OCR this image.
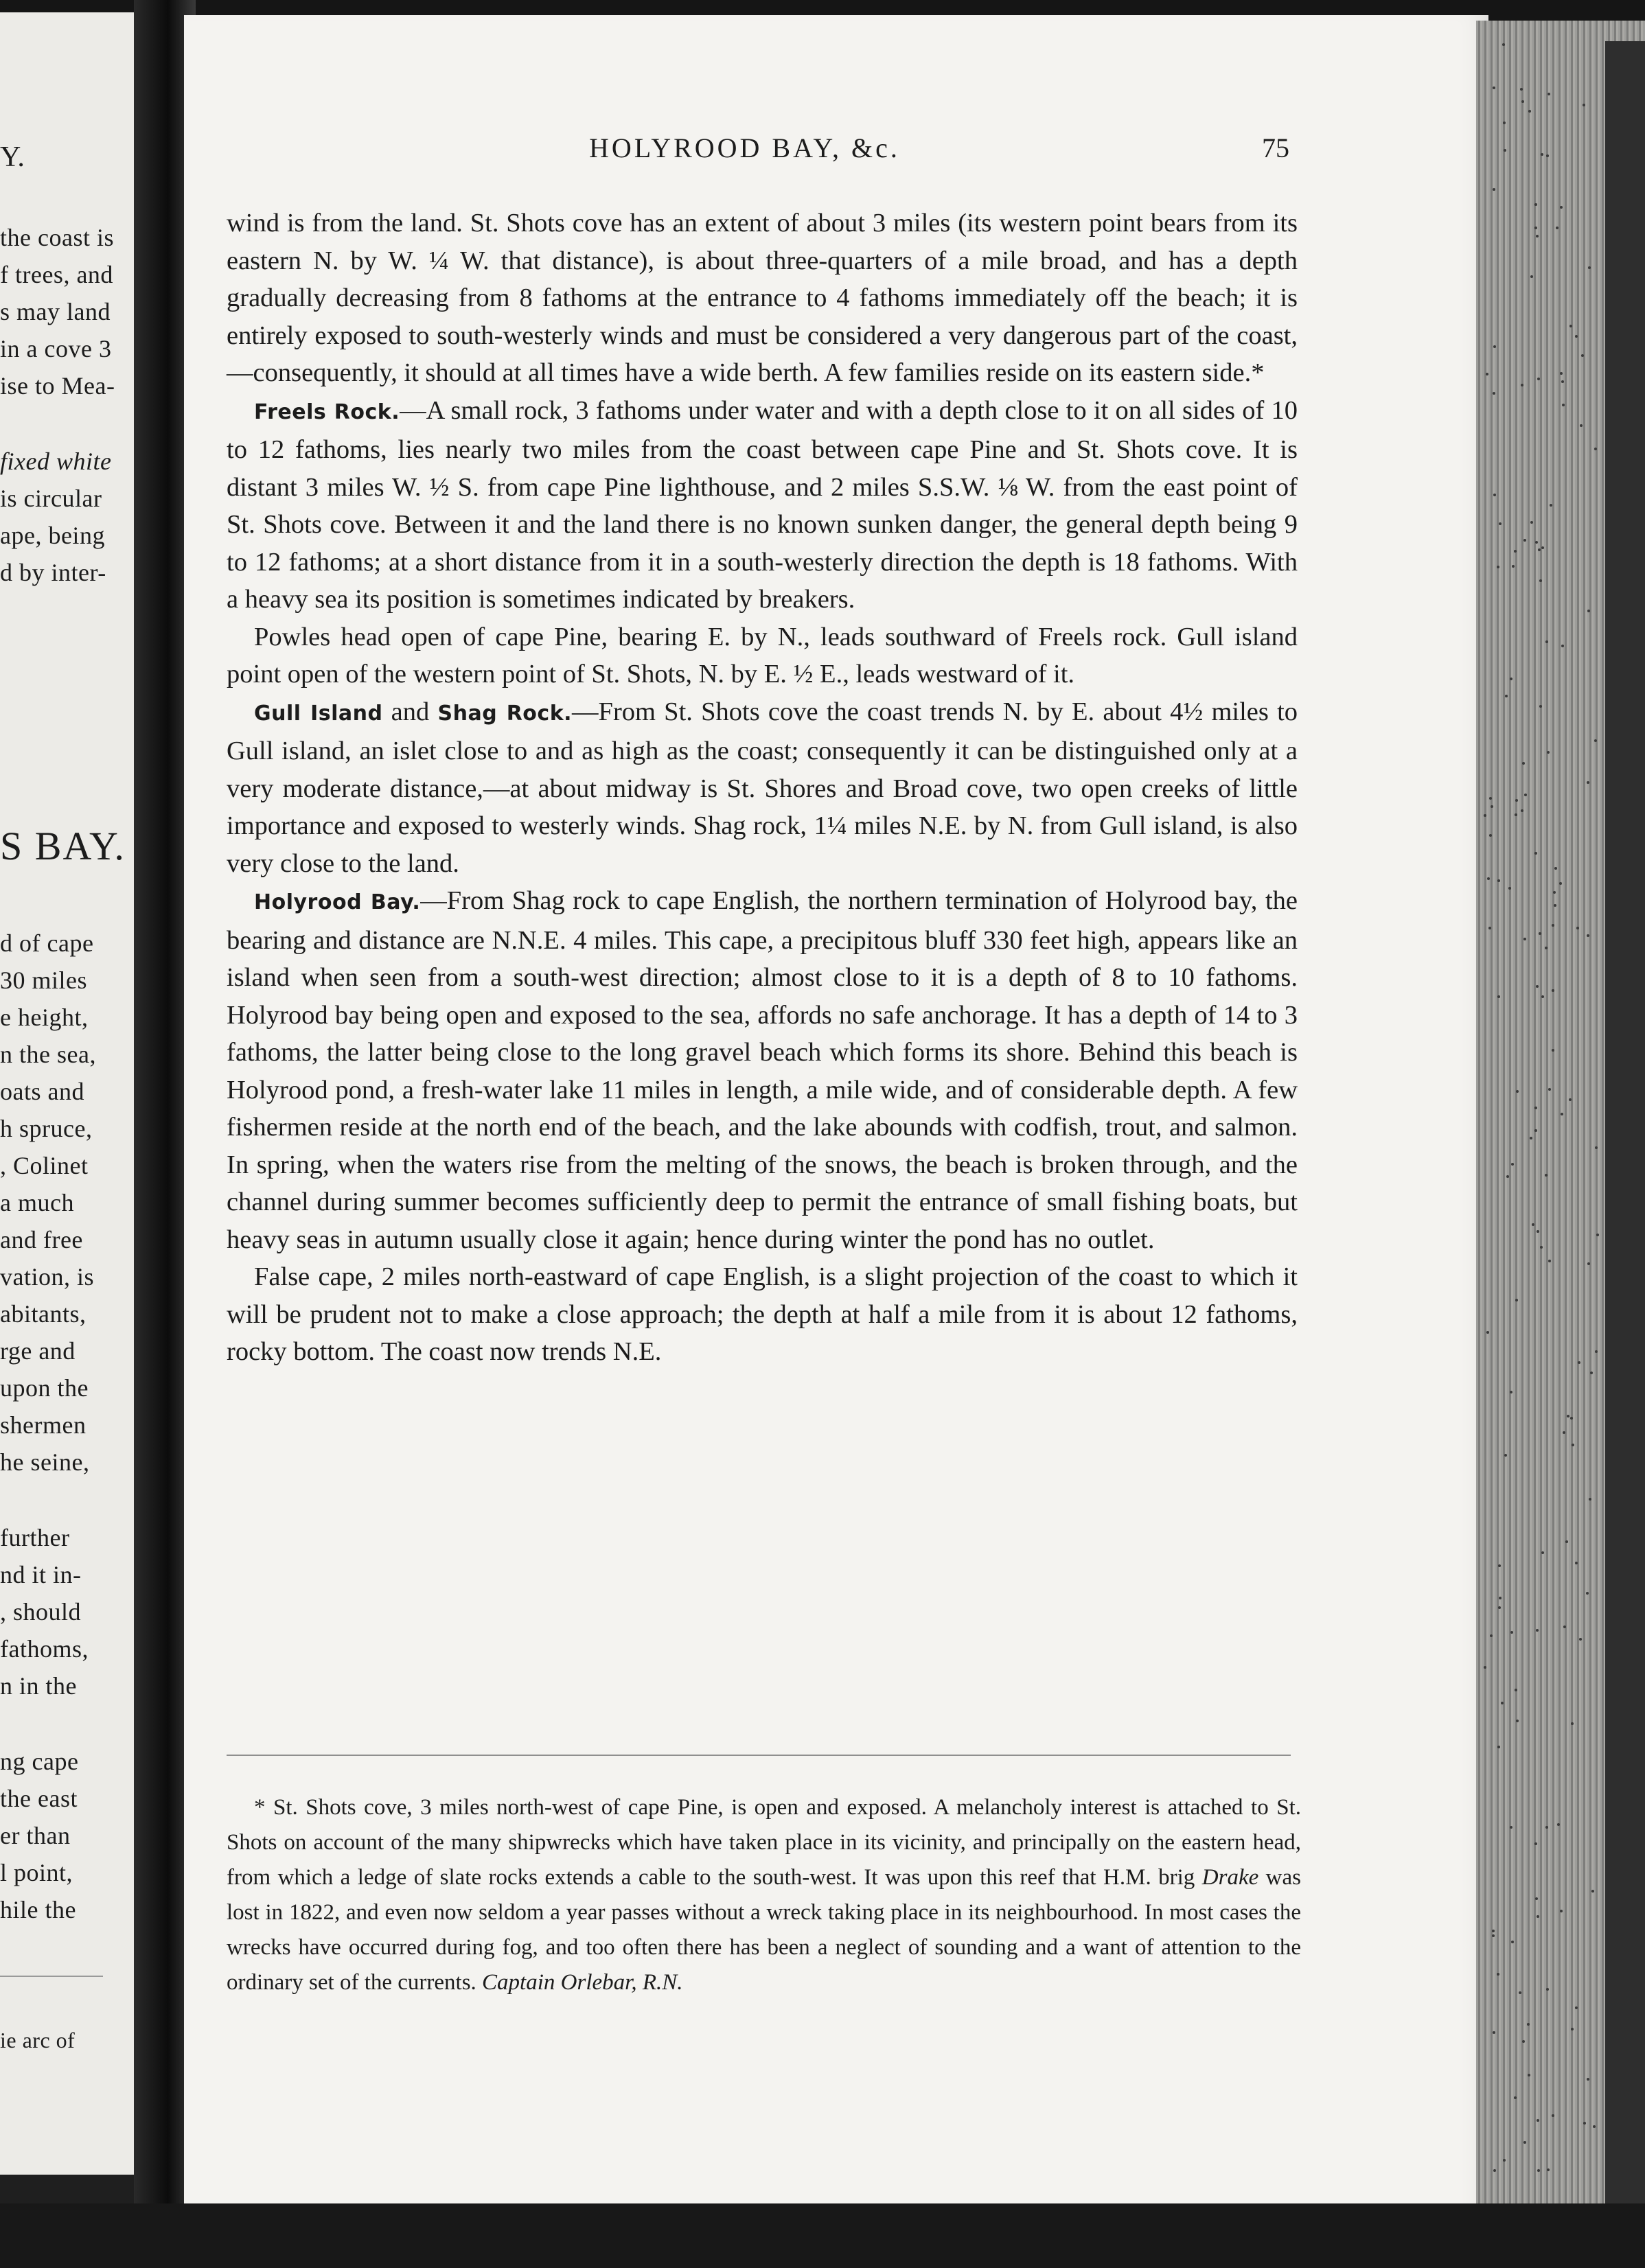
Y.
the coast is
f trees, and
s may land
in a cove 3
ise to Mea-
fixed white
is circular
ape, being
d by inter-
S BAY.
d of cape
30 miles
e height,
n the sea,
oats and
h spruce,
, Colinet
a much
and free
vation, is
abitants,
rge and
upon the
shermen
he seine,
further
nd it in-
, should
fathoms,
n in the
ng cape
the east
er than
l point,
hile the
ie arc of
HOLYROOD BAY, &c.	75

wind is from the land. St. Shots cove has an extent of about 3 miles (its western point bears from its eastern N. by W. ¼ W. that distance), is about three-quarters of a mile broad, and has a depth gradually decreasing from 8 fathoms at the entrance to 4 fathoms immediately off the beach; it is entirely exposed to south-westerly winds and must be considered a very dangerous part of the coast, —consequently, it should at all times have a wide berth. A few families reside on its eastern side.*

Freels Rock.—A small rock, 3 fathoms under water and with a depth close to it on all sides of 10 to 12 fathoms, lies nearly two miles from the coast between cape Pine and St. Shots cove. It is distant 3 miles W. ½ S. from cape Pine lighthouse, and 2 miles S.S.W. ⅛ W. from the east point of St. Shots cove. Between it and the land there is no known sunken danger, the general depth being 9 to 12 fathoms; at a short distance from it in a south-westerly direction the depth is 18 fathoms. With a heavy sea its position is sometimes indicated by breakers.

Powles head open of cape Pine, bearing E. by N., leads southward of Freels rock. Gull island point open of the western point of St. Shots, N. by E. ½ E., leads westward of it.

Gull Island and Shag Rock.—From St. Shots cove the coast trends N. by E. about 4½ miles to Gull island, an islet close to and as high as the coast; consequently it can be distinguished only at a very moderate distance,—at about midway is St. Shores and Broad cove, two open creeks of little importance and exposed to westerly winds. Shag rock, 1¼ miles N.E. by N. from Gull island, is also very close to the land.

Holyrood Bay.—From Shag rock to cape English, the northern termination of Holyrood bay, the bearing and distance are N.N.E. 4 miles. This cape, a precipitous bluff 330 feet high, appears like an island when seen from a south-west direction; almost close to it is a depth of 8 to 10 fathoms. Holyrood bay being open and exposed to the sea, affords no safe anchorage. It has a depth of 14 to 3 fathoms, the latter being close to the long gravel beach which forms its shore. Behind this beach is Holyrood pond, a fresh-water lake 11 miles in length, a mile wide, and of considerable depth. A few fishermen reside at the north end of the beach, and the lake abounds with codfish, trout, and salmon. In spring, when the waters rise from the melting of the snows, the beach is broken through, and the channel during summer becomes sufficiently deep to permit the entrance of small fishing boats, but heavy seas in autumn usually close it again; hence during winter the pond has no outlet.

False cape, 2 miles north-eastward of cape English, is a slight projection of the coast to which it will be prudent not to make a close approach; the depth at half a mile from it is about 12 fathoms, rocky bottom. The coast now trends N.E.

* St. Shots cove, 3 miles north-west of cape Pine, is open and exposed. A melancholy interest is attached to St. Shots on account of the many shipwrecks which have taken place in its vicinity, and principally on the eastern head, from which a ledge of slate rocks extends a cable to the south-west. It was upon this reef that H.M. brig Drake was lost in 1822, and even now seldom a year passes without a wreck taking place in its neighbourhood. In most cases the wrecks have occurred during fog, and too often there has been a neglect of sounding and a want of attention to the ordinary set of the currents. Captain Orlebar, R.N.
